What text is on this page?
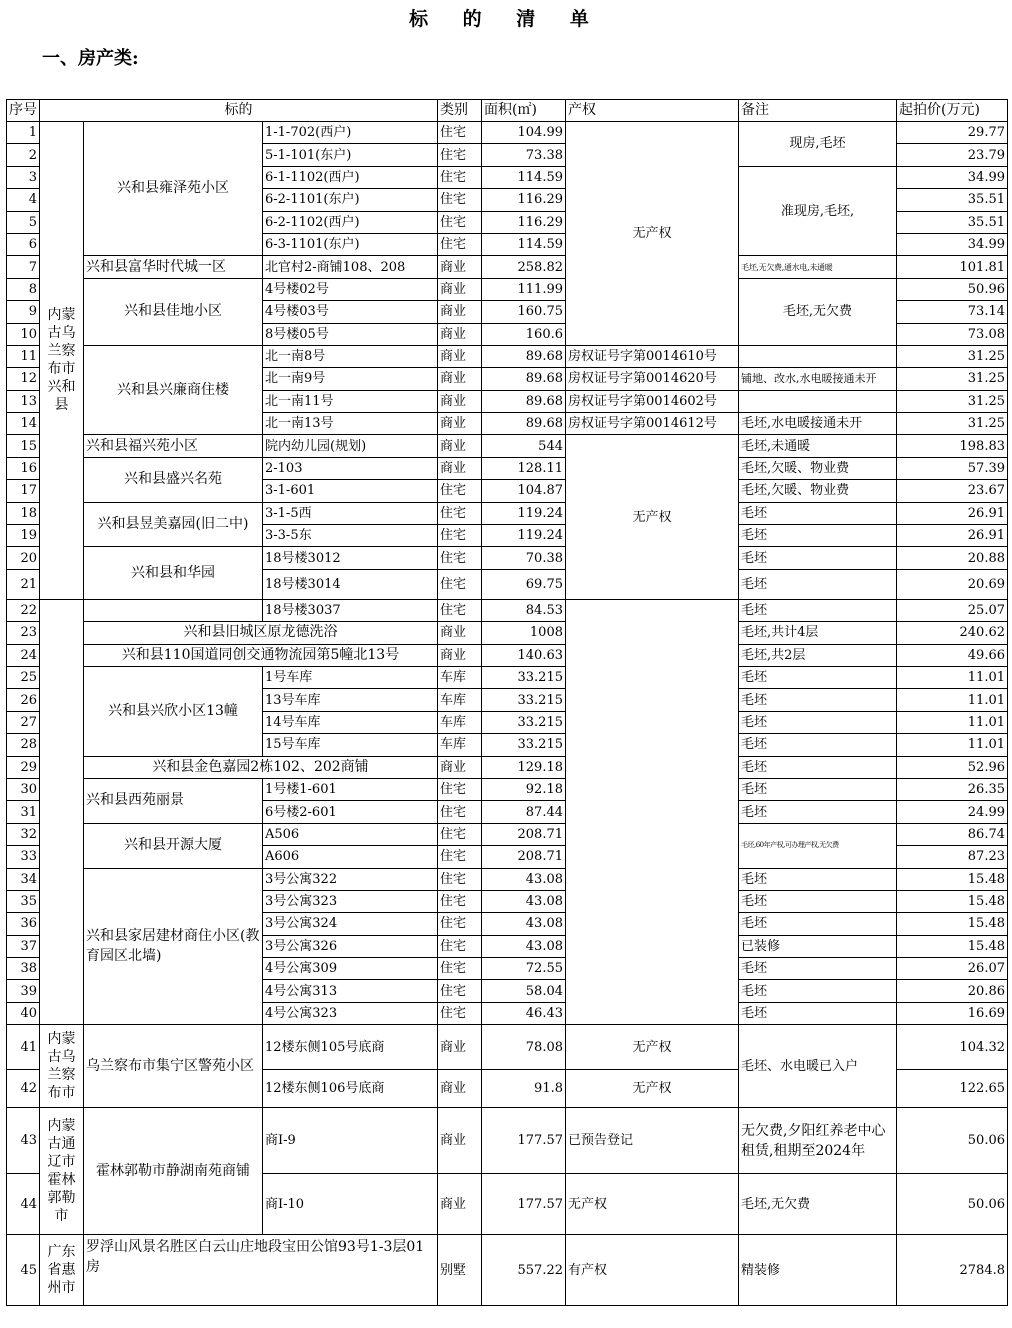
标 的 清 单
一、房产类:
序号	标的			类别	面积(㎡)	产权	备注	起拍价(万元)
1	内蒙古乌兰察布市兴和县	兴和县雍泽苑小区	1-1-702(西户)	住宅	104.99	无产权	现房,毛坯	29.77
2			5-1-101(东户)	住宅	73.38			23.79
3			6-1-1102(西户)	住宅	114.59		准现房,毛坯,	34.99
4			6-2-1101(东户)	住宅	116.29			35.51
5			6-2-1102(西户)	住宅	116.29			35.51
6			6-3-1101(东户)	住宅	114.59			34.99
7		兴和县富华时代城一区	北官村2-商铺108、208	商业	258.82		毛坯,无欠费,通水电,未通暖	101.81
8		兴和县佳地小区	4号楼02号	商业	111.99		毛坯,无欠费	50.96
9			4号楼03号	商业	160.75			73.14
10			8号楼05号	商业	160.6			73.08
11		兴和县兴廉商住楼	北一南8号	商业	89.68	房权证号字第0014610号		31.25
12			北一南9号	商业	89.68	房权证号字第0014620号	铺地、改水,水电暖接通未开	31.25
13			北一南11号	商业	89.68	房权证号字第0014602号		31.25
14			北一南13号	商业	89.68	房权证号字第0014612号	毛坯,水电暖接通未开	31.25
15		兴和县福兴苑小区	院内幼儿园(规划)	商业	544	无产权	毛坯,未通暖	198.83
16		兴和县盛兴名苑	2-103	商业	128.11		毛坯,欠暖、物业费	57.39
17			3-1-601	住宅	104.87		毛坯,欠暖、物业费	23.67
18		兴和县昱美嘉园(旧二中)	3-1-5西	住宅	119.24		毛坯	26.91
19			3-3-5东	住宅	119.24		毛坯	26.91
20		兴和县和华园	18号楼3012	住宅	70.38		毛坯	20.88
21			18号楼3014	住宅	69.75		毛坯	20.69
22			18号楼3037	住宅	84.53		毛坯	25.07
23		兴和县旧城区原龙德洗浴		商业	1008		毛坯,共计4层	240.62
24		兴和县110国道同创交通物流园第5幢北13号		商业	140.63		毛坯,共2层	49.66
25		兴和县兴欣小区13幢	1号车库	车库	33.215		毛坯	11.01
26			13号车库	车库	33.215		毛坯	11.01
27			14号车库	车库	33.215		毛坯	11.01
28			15号车库	车库	33.215		毛坯	11.01
29		兴和县金色嘉园2栋102、202商铺		商业	129.18		毛坯	52.96
30		兴和县西苑丽景	1号楼1-601	住宅	92.18		毛坯	26.35
31			6号楼2-601	住宅	87.44		毛坯	24.99
32		兴和县开源大厦	A506	住宅	208.71		毛坯,60年产权,可办理产权,无欠费	86.74
33			A606	住宅	208.71			87.23
34		兴和县家居建材商住小区(教育园区北墙)	3号公寓322	住宅	43.08		毛坯	15.48
35			3号公寓323	住宅	43.08		毛坯	15.48
36			3号公寓324	住宅	43.08		毛坯	15.48
37			3号公寓326	住宅	43.08		已装修	15.48
38			4号公寓309	住宅	72.55		毛坯	26.07
39			4号公寓313	住宅	58.04		毛坯	20.86
40			4号公寓323	住宅	46.43		毛坯	16.69
41	内蒙古乌兰察布市	乌兰察布市集宁区警苑小区	12楼东侧105号底商	商业	78.08	无产权	毛坯、水电暖已入户	104.32
42			12楼东侧106号底商	商业	91.8	无产权		122.65
43	内蒙古通辽市霍林郭勒市	霍林郭勒市静湖南苑商铺	商I-9	商业	177.57	已预告登记	无欠费,夕阳红养老中心租赁,租期至2024年	50.06
44			商I-10	商业	177.57	无产权	毛坯,无欠费	50.06
45	广东省惠州市	罗浮山风景名胜区白云山庄地段宝田公馆93号1-3层01房		别墅	557.22	有产权	精装修	2784.8
